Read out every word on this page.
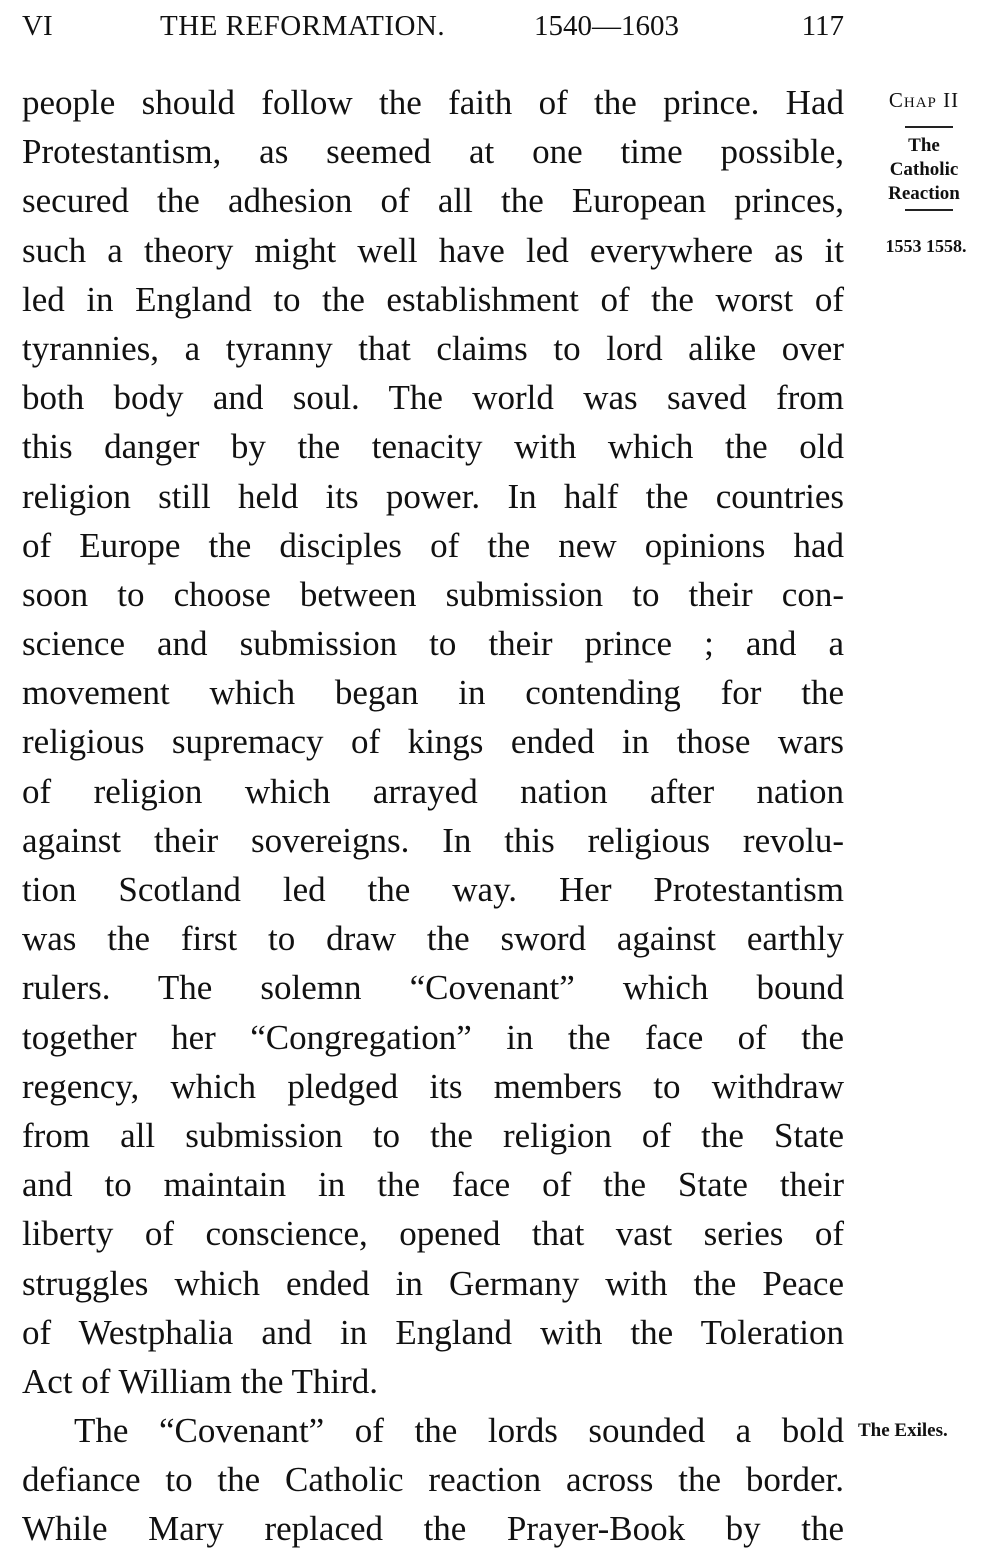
VI	THE REFORMATION.	1540—1603	117
people should follow the faith of the prince. Had
Protestantism, as seemed at one time possible,
secured the adhesion of all the European princes,
such a theory might well have led everywhere as it
led in England to the establishment of the worst of
tyrannies, a tyranny that claims to lord alike over
both body and soul. The world was saved from
this danger by the tenacity with which the old
religion still held its power. In half the countries
of Europe the disciples of the new opinions had
soon to choose between submission to their con-
science and submission to their prince ; and a
movement which began in contending for the
religious supremacy of kings ended in those wars
of religion which arrayed nation after nation
against their sovereigns. In this religious revolu-
tion Scotland led the way. Her Protestantism
was the first to draw the sword against earthly
rulers. The solemn “Covenant” which bound
together her “Congregation” in the face of the
regency, which pledged its members to withdraw
from all submission to the religion of the State
and to maintain in the face of the State their
liberty of conscience, opened that vast series of
struggles which ended in Germany with the Peace
of Westphalia and in England with the Toleration
Act of William the Third.
The “Covenant” of the lords sounded a bold
defiance to the Catholic reaction across the border.
While Mary replaced the Prayer-Book by the
Chap II
The
Catholic
Reaction
1553 1558.
The Exiles.
